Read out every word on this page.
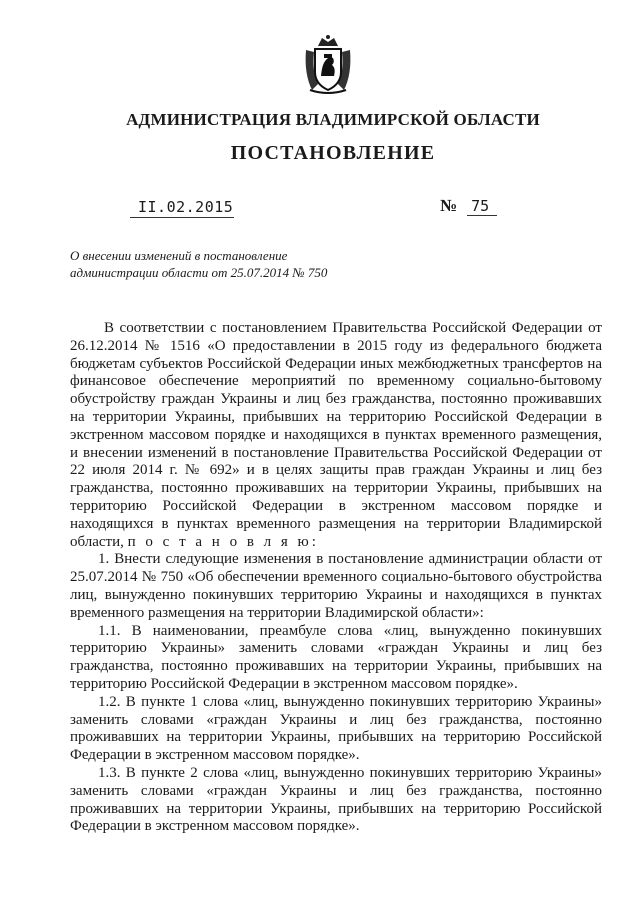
АДМИНИСТРАЦИЯ ВЛАДИМИРСКОЙ ОБЛАСТИ
ПОСТАНОВЛЕНИЕ
II.02.2015	№ 75
О внесении изменений в постановление
администрации области от 25.07.2014 № 750

В соответствии с постановлением Правительства Российской Федерации от 26.12.2014 № 1516 «О предоставлении в 2015 году из федерального бюджета бюджетам субъектов Российской Федерации иных межбюджетных трансфертов на финансовое обеспечение мероприятий по временному социально-бытовому обустройству граждан Украины и лиц без гражданства, постоянно проживавших на территории Украины, прибывших на территорию Российской Федерации в экстренном массовом порядке и находящихся в пунктах временного размещения, и внесении изменений в постановление Правительства Российской Федерации от 22 июля 2014 г. № 692» и в целях защиты прав граждан Украины и лиц без гражданства, постоянно проживавших на территории Украины, прибывших на территорию Российской Федерации в экстренном массовом порядке и находящихся в пунктах временного размещения на территории Владимирской области, п о с т а н о в л я ю:

1. Внести следующие изменения в постановление администрации области от 25.07.2014 № 750 «Об обеспечении временного социально-бытового обустройства лиц, вынужденно покинувших территорию Украины и находящихся в пунктах временного размещения на территории Владимирской области»:

1.1. В наименовании, преамбуле слова «лиц, вынужденно покинувших территорию Украины» заменить словами «граждан Украины и лиц без гражданства, постоянно проживавших на территории Украины, прибывших на территорию Российской Федерации в экстренном массовом порядке».

1.2. В пункте 1 слова «лиц, вынужденно покинувших территорию Украины» заменить словами «граждан Украины и лиц без гражданства, постоянно проживавших на территории Украины, прибывших на территорию Российской Федерации в экстренном массовом порядке».

1.3. В пункте 2 слова «лиц, вынужденно покинувших территорию Украины» заменить словами «граждан Украины и лиц без гражданства, постоянно проживавших на территории Украины, прибывших на территорию Российской Федерации в экстренном массовом порядке».
